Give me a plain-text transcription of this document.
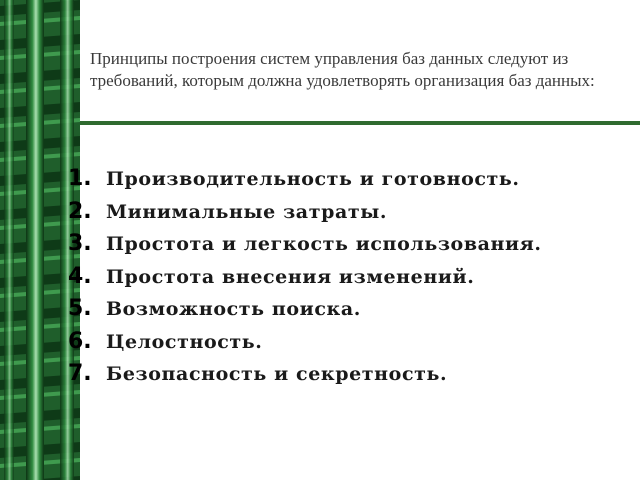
Принципы построения систем управления баз данных следуют из требований, которым должна удовлетворять организация баз данных:

1. Производительность и готовность.
2. Минимальные затраты.
3. Простота и легкость использования.
4. Простота внесения изменений.
5. Возможность поиска.
6. Целостность.
7. Безопасность и секретность.
